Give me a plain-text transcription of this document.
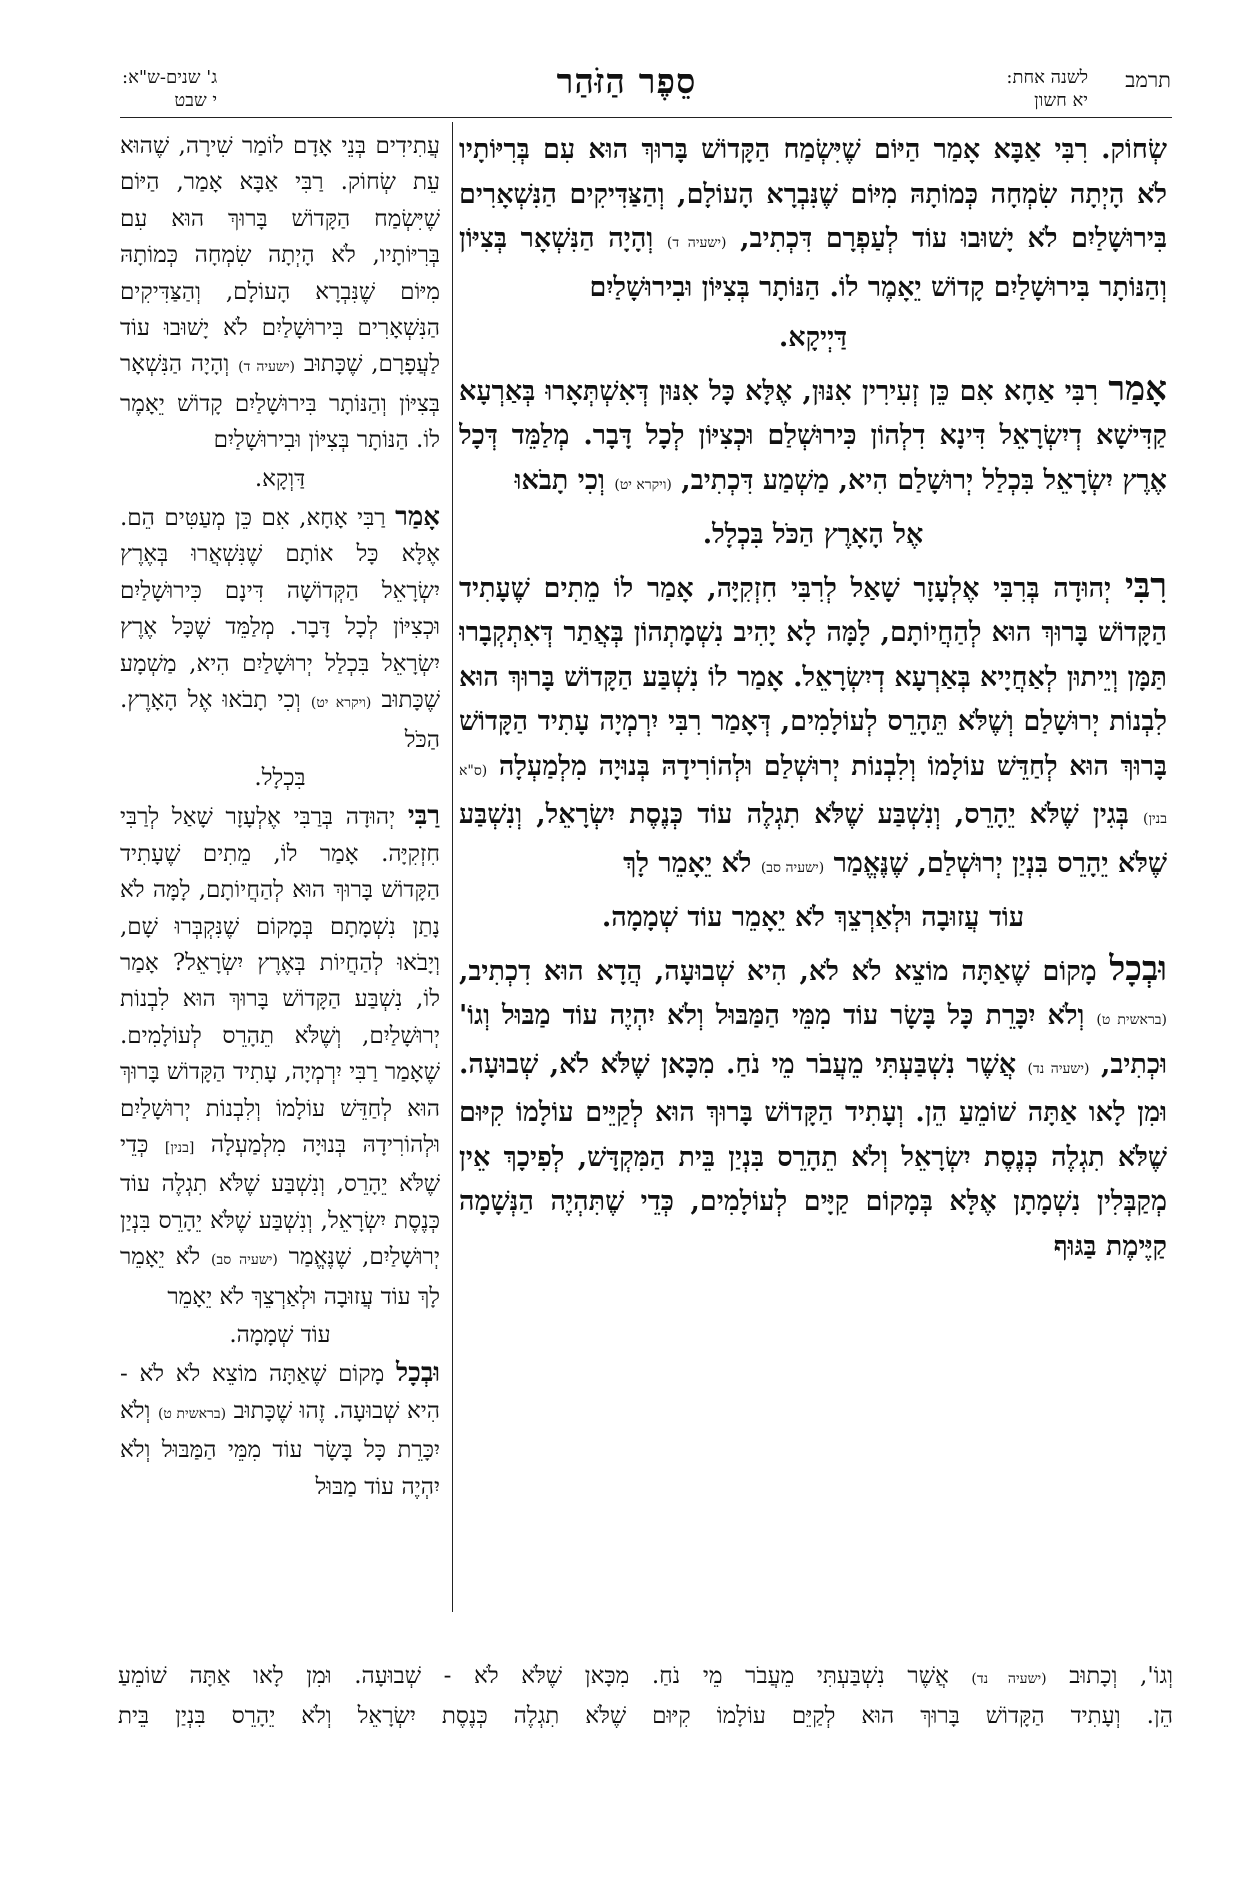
תרמב
לשנה אחת:
יא חשון
סֵפֶר הַזֹּהַר
ג' שנים-ש"א:
י שבט

שְׂחוֹק. רִבִּי אַבָּא אָמַר הַיּוֹם שֶׁיִּשְׂמַח הַקָּדוֹשׁ בָּרוּךְ הוּא עִם בְּרִיּוֹתָיו לֹא הָיְתָה שִׂמְחָה כְּמוֹתָהּ מִיּוֹם שֶׁנִּבְרָא הָעוֹלָם, וְהַצַּדִּיקִים הַנִּשְׁאָרִים בִּירוּשָׁלַיִם לֹא יָשׁוּבוּ עוֹד לְעַפְרָם דִּכְתִיב, (ישעיה ד) וְהָיָה הַנִּשְׁאָר בְּצִיּוֹן וְהַנּוֹתָר בִּירוּשָׁלַיִם קָדוֹשׁ יֵאָמֶר לוֹ. הַנּוֹתָר בְּצִיּוֹן וּבִירוּשָׁלַיִם

דַּיְיקָא.

אָמַר רִבִּי אַחָא אִם כֵּן זְעִירִין אִנּוּן, אֶלָּא כָּל אִנּוּן דְּאִשְׁתְּאָרוּ בְּאַרְעָא קַדִּישָׁא דְיִשְׂרָאֵל דִּינָא דִלְהוֹן כִּירוּשְׁלַם וּכְצִיּוֹן לְכָל דָּבָר. מְלַמֵּד דְּכָל אֶרֶץ יִשְׂרָאֵל בִּכְלַל יְרוּשָׁלַם הִיא, מַשְׁמַע דִּכְתִיב, (ויקרא יט) וְכִי תָבֹאוּ

אֶל הָאָרֶץ הַכֹּל בִּכְלָל.

רִבִּי יְהוּדָה בְּרִבִּי אֶלְעָזָר שָׁאַל לְרִבִּי חִזְקִיָּה, אָמַר לוֹ מֵתִים שֶׁעָתִיד הַקָּדוֹשׁ בָּרוּךְ הוּא לְהַחֲיוֹתָם, לָמָּה לָא יָהִיב נִשְׁמָתְהוֹן בְּאֲתַר דְּאִתְקְבָרוּ תַּמָּן וְיֵיתוּן לְאַחֲיָיא בְּאַרְעָא דְיִשְׂרָאֵל. אָמַר לוֹ נִשְׁבַּע הַקָּדוֹשׁ בָּרוּךְ הוּא לִבְנוֹת יְרוּשָׁלַם וְשֶׁלֹּא תֵּהָרֵס לְעוֹלָמִים, דְּאָמַר רִבִּי יִרְמְיָה עָתִיד הַקָּדוֹשׁ בָּרוּךְ הוּא לְחַדֵּשׁ עוֹלָמוֹ וְלִבְנוֹת יְרוּשְׁלַם וּלְהוֹרִידָהּ בְּנוּיָה מִלְמַעְלָה (ס"א בנין) בְּגִין שֶׁלֹּא יֵהָרֵס, וְנִשְׁבַּע שֶׁלֹּא תִגְלֶה עוֹד כְּנֶסֶת יִשְׂרָאֵל, וְנִשְׁבַּע שֶׁלֹּא יֵהָרֵס בִּנְיַן יְרוּשְׁלַם, שֶׁנֶּאֱמַר (ישעיה סב) לֹא יֵאָמֵר לָךְ

עוֹד עֲזוּבָה וּלְאַרְצֵךְ לֹא יֵאָמֵר עוֹד שְׁמָמָה.

וּבְכָל מָקוֹם שֶׁאַתָּה מוֹצֵא לֹא לֹא, הִיא שְׁבוּעָה, הֲדָא הוּא דִכְתִיב, (בראשית ט) וְלֹא יִכָּרֵת כָּל בָּשָׂר עוֹד מִמֵּי הַמַּבּוּל וְלֹא יִהְיֶה עוֹד מַבּוּל וְגוֹ' וּכְתִיב, (ישעיה נד) אֲשֶׁר נִשְׁבַּעְתִּי מֵעֲבֹר מֵי נֹחַ. מִכָּאן שֶׁלֹּא לֹא, שְׁבוּעָה. וּמִן לָאו אַתָּה שׁוֹמֵעַ הֵן. וְעָתִיד הַקָּדוֹשׁ בָּרוּךְ הוּא לְקַיֵּים עוֹלָמוֹ קִיּוּם שֶׁלֹּא תִגְלֶה כְּנֶסֶת יִשְׂרָאֵל וְלֹא תֵהָרֵס בִּנְיַן בֵּית הַמִּקְדָּשׁ, לְפִיכָךְ אֵין מְקַבְּלִין נִשְׁמָתָן אֶלָּא בְּמָקוֹם קַיָּים לְעוֹלָמִים, כְּדֵי שֶׁתִּהְיֶה הַנְּשָׁמָה קַיֶּימֶת בַּגּוּף

עֲתִידִים בְּנֵי אָדָם לוֹמַר שִׁירָה, שֶׁהוּא עֵת שְׂחוֹק. רַבִּי אַבָּא אָמַר, הַיּוֹם שֶׁיִּשְׂמַח הַקָּדוֹשׁ בָּרוּךְ הוּא עִם בְּרִיּוֹתָיו, לֹא הָיְתָה שִׂמְחָה כְּמוֹתָהּ מִיּוֹם שֶׁנִּבְרָא הָעוֹלָם, וְהַצַּדִּיקִים הַנִּשְׁאָרִים בִּירוּשָׁלַיִם לֹא יָשׁוּבוּ עוֹד לַעֲפָרָם, שֶׁכָּתוּב (ישעיה ד) וְהָיָה הַנִּשְׁאָר בְּצִיּוֹן וְהַנּוֹתָר בִּירוּשָׁלַיִם קָדוֹשׁ יֵאָמֶר לוֹ. הַנּוֹתָר בְּצִיּוֹן וּבִירוּשָׁלַיִם

דַּוְקָא.

אָמַר רַבִּי אָחָא, אִם כֵּן מְעַטִּים הֵם. אֶלָּא כָּל אוֹתָם שֶׁנִּשְׁאֲרוּ בְּאֶרֶץ יִשְׂרָאֵל הַקְּדוֹשָׁה דִּינָם כִּירוּשָׁלַיִם וּכְצִיּוֹן לְכָל דָּבָר. מְלַמֵּד שֶׁכָּל אֶרֶץ יִשְׂרָאֵל בִּכְלַל יְרוּשָׁלַיִם הִיא, מַשְׁמָע שֶׁכָּתוּב (ויקרא יט) וְכִי תָבֹאוּ אֶל הָאָרֶץ. הַכֹּל

בִּכְלָל.

רַבִּי יְהוּדָה בְּרַבִּי אֶלְעָזָר שָׁאַל לְרַבִּי חִזְקִיָּה. אָמַר לוֹ, מֵתִים שֶׁעָתִיד הַקָּדוֹשׁ בָּרוּךְ הוּא לְהַחֲיוֹתָם, לָמָּה לֹא נָתַן נִשְׁמָתָם בְּמָקוֹם שֶׁנִּקְבְּרוּ שָׁם, וְיָבֹאוּ לְהַחֲיוֹת בְּאֶרֶץ יִשְׂרָאֵל? אָמַר לוֹ, נִשְׁבַּע הַקָּדוֹשׁ בָּרוּךְ הוּא לִבְנוֹת יְרוּשָׁלַיִם, וְשֶׁלֹּא תֵהָרֵס לְעוֹלָמִים. שֶׁאָמַר רַבִּי יִרְמְיָה, עָתִיד הַקָּדוֹשׁ בָּרוּךְ הוּא לְחַדֵּשׁ עוֹלָמוֹ וְלִבְנוֹת יְרוּשָׁלַיִם וּלְהוֹרִידָהּ בְּנוּיָה מִלְמַעְלָה [בנין] כְּדֵי שֶׁלֹּא יֵהָרֵס, וְנִשְׁבַּע שֶׁלֹּא תִגְלֶה עוֹד כְּנֶסֶת יִשְׂרָאֵל, וְנִשְׁבַּע שֶׁלֹּא יֵהָרֵס בִּנְיַן יְרוּשָׁלַיִם, שֶׁנֶּאֱמַר (ישעיה סב) לֹא יֵאָמֵר לָךְ עוֹד עֲזוּבָה וּלְאַרְצֵךְ לֹא יֵאָמֵר

עוֹד שְׁמָמָה.

וּבְכָל מָקוֹם שֶׁאַתָּה מוֹצֵא לֹא לֹא - הִיא שְׁבוּעָה. זֶהוּ שֶׁכָּתוּב (בראשית ט) וְלֹא יִכָּרֵת כָּל בָּשָׂר עוֹד מִמֵּי הַמַּבּוּל וְלֹא יִהְיֶה עוֹד מַבּוּל

וְגוֹ', וְכָתוּב (ישעיה נד) אֲשֶׁר נִשְׁבַּעְתִּי מֵעֲבֹר מֵי נֹחַ. מִכָּאן שֶׁלֹּא לֹא - שְׁבוּעָה. וּמִן לָאו אַתָּה שׁוֹמֵעַ

הֵן. וְעָתִיד הַקָּדוֹשׁ בָּרוּךְ הוּא לְקַיֵּם עוֹלָמוֹ קִיּוּם שֶׁלֹּא תִגְלֶה כְּנֶסֶת יִשְׂרָאֵל וְלֹא יֵהָרֵס בִּנְיַן בֵּית
